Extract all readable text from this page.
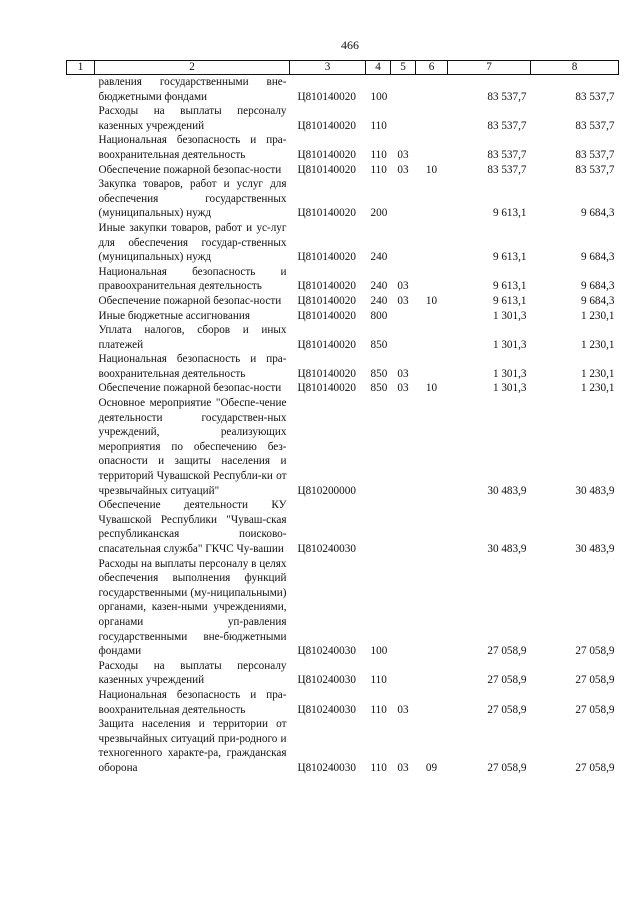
466
1	2	3	4	5	6	7	8
	равления государственными вне-бюджетными фондами	Ц810140020	100			83 537,7	83 537,7
	Расходы на выплаты персоналу казенных учреждений	Ц810140020	110			83 537,7	83 537,7
	Национальная безопасность и пра-воохранительная деятельность	Ц810140020	110	03		83 537,7	83 537,7
	Обеспечение пожарной безопас-ности	Ц810140020	110	03	10	83 537,7	83 537,7
	Закупка товаров, работ и услуг для обеспечения государственных (муниципальных) нужд	Ц810140020	200			9 613,1	9 684,3
	Иные закупки товаров, работ и ус-луг для обеспечения государ-ственных (муниципальных) нужд	Ц810140020	240			9 613,1	9 684,3
	Национальная безопасность и правоохранительная деятельность	Ц810140020	240	03		9 613,1	9 684,3
	Обеспечение пожарной безопас-ности	Ц810140020	240	03	10	9 613,1	9 684,3
	Иные бюджетные ассигнования	Ц810140020	800			1 301,3	1 230,1
	Уплата налогов, сборов и иных платежей	Ц810140020	850			1 301,3	1 230,1
	Национальная безопасность и пра-воохранительная деятельность	Ц810140020	850	03		1 301,3	1 230,1
	Обеспечение пожарной безопас-ности	Ц810140020	850	03	10	1 301,3	1 230,1
	Основное мероприятие "Обеспе-чение деятельности государствен-ных учреждений, реализующих мероприятия по обеспечению без-опасности и защиты населения и территорий Чувашской Республи-ки от чрезвычайных ситуаций"	Ц810200000				30 483,9	30 483,9
	Обеспечение деятельности КУ Чувашской Республики "Чуваш-ская республиканская поисково-спасательная служба" ГКЧС Чу-вашии	Ц810240030				30 483,9	30 483,9
	Расходы на выплаты персоналу в целях обеспечения выполнения функций государственными (му-ниципальными) органами, казен-ными учреждениями, органами уп-равления государственными вне-бюджетными фондами	Ц810240030	100			27 058,9	27 058,9
	Расходы на выплаты персоналу казенных учреждений	Ц810240030	110			27 058,9	27 058,9
	Национальная безопасность и пра-воохранительная деятельность	Ц810240030	110	03		27 058,9	27 058,9
	Защита населения и территории от чрезвычайных ситуаций при-родного и техногенного характе-ра, гражданская оборона	Ц810240030	110	03	09	27 058,9	27 058,9
